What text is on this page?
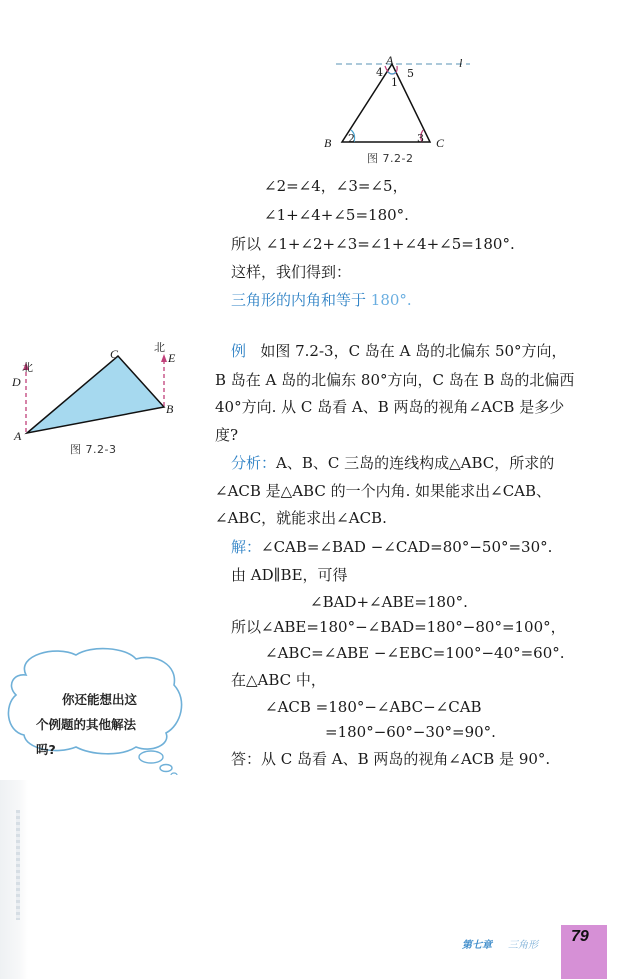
A	l
4 5
1
B 2	3 C
图 7.2-2
∠2=∠4，∠3=∠5，
∠1+∠4+∠5=180°.
所以 ∠1+∠2+∠3=∠1+∠4+∠5=180°.
这样，我们得到：
三角形的内角和等于 180°.
北
D
C	北
E
B
A
图 7.2-3
例 如图 7.2-3，C 岛在 A 岛的北偏东 50°方向，
B 岛在 A 岛的北偏东 80°方向，C 岛在 B 岛的北偏西
40°方向. 从 C 岛看 A、B 两岛的视角∠ACB 是多少
度?
分析：A、B、C 三岛的连线构成△ABC，所求的
∠ACB 是△ABC 的一个内角. 如果能求出∠CAB、
∠ABC，就能求出∠ACB.
解：∠CAB=∠BAD −∠CAD=80°−50°=30°.
由 AD∥BE，可得
∠BAD+∠ABE=180°.
所以∠ABE=180°−∠BAD=180°−80°=100°，
∠ABC=∠ABE −∠EBC=100°−40°=60°.
在△ABC 中，
∠ACB =180°−∠ABC−∠CAB
=180°−60°−30°=90°.
答：从 C 岛看 A、B 两岛的视角∠ACB 是 90°.
你还能想出这
个例题的其他解法
吗?
第七章 三角形
79
